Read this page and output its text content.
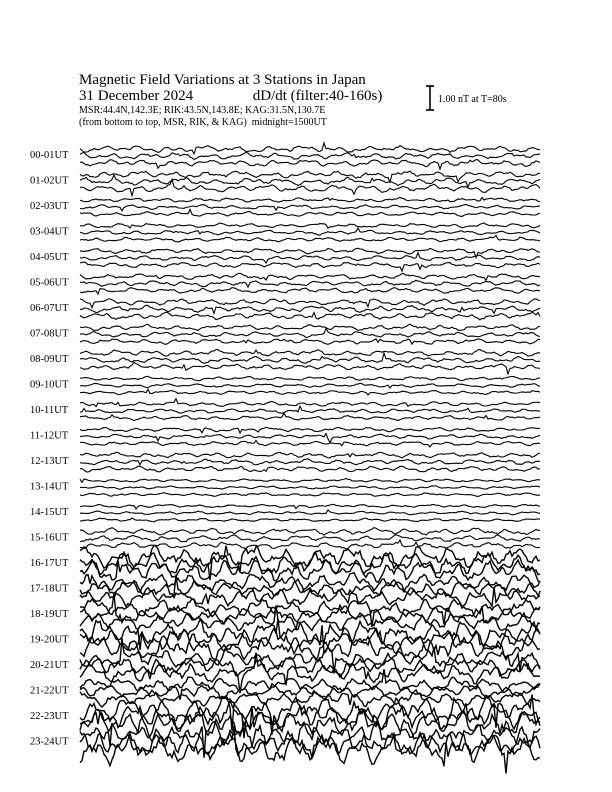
00-01UT
01-02UT
02-03UT
03-04UT
04-05UT
05-06UT
06-07UT
07-08UT
08-09UT
09-10UT
10-11UT
11-12UT
12-13UT
13-14UT
14-15UT
15-16UT
16-17UT
17-18UT
18-19UT
19-20UT
20-21UT
21-22UT
22-23UT
23-24UT
Magnetic Field Variations at 3 Stations in Japan
31 December 2024	dD/dt (filter:40-160s)
MSR:44.4N,142.3E; RIK:43.5N,143.8E; KAG:31.5N,130.7E
(from bottom to top, MSR, RIK, & KAG) midnight=1500UT
1.00 nT at T=80s
